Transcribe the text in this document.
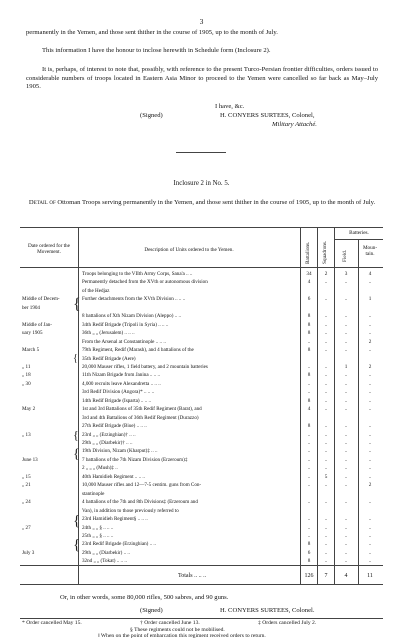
3
permanently in the Yemen, and those sent thither in the course of 1905, up to the month of July.
This information I have the honour to inclose herewith in Schedule form (Inclosure 2).
It is, perhaps, of interest to note that, possibly, with reference to the present Turco-Persian frontier difficulties, orders issued to considerable numbers of troops located in Eastern Asia Minor to proceed to the Yemen were cancelled so far back as May–July 1905.
I have, &c.
(Signed)	H. CONYERS SURTEES, Colonel,
Military Attaché.
Inclosure 2 in No. 5.
Detail of Ottoman Troops serving permanently in the Yemen, and those sent thither in the course of 1905, up to the month of July.
Date ordered for the Movement.	Description of Units ordered to the Yemen.	Battalions. Squadrons.
Batteries.
Field.
Moun-tain.
Troops belonging to the VIIth Army Corps, Sana'a .. ..	34	2	3	4
Permanently detached from the XVth or autonomous division	4	..	..	..
of the Hedjaz
Middle of Decem-	Further detachments from the XVth Division .. .. ..	6	..	..	1
ber 1904
8 battalions of Xth Nizam Division (Aleppo) .. ..	8	..	..	..
Middle of Jan-	34th Redif Brigade (Tripoli in Syria) .. .. ..	8	..	..	..
uary 1905	36th „ „ (Jerusalem) .. .. ..	8	..	..	..
From the Arsenal at Constantinople .. .. ..	..	..	..	2
March 5	79th Regiment, Redif (Marash), and 4 battalions of the	8	..	..	..
35th Redif Brigade (Aere)
„ 11	20,000 Mauser rifles, 1 field battery, and 2 mountain batteries	..	..	1	2
„ 18	11th Nizam Brigade from Janina .. .. ..	8	..	..	..
„ 30	4,000 recruits leave Alexandretta .. .. ..	..	..	..	..
3rd Redif Division (Angora)* .. .. ..	..	..	..	..
14th Redif Brigade (Isparta) .. .. ..	8	..	..	..
May 2	1st and 3rd Battalions of 35th Redif Regiment (Barat), and	4	..	..	..
3rd and 4th Battalions of 36th Redif Regiment (Durazzo)
27th Redif Brigade (Biue) .. .. ..	8	..	..	..
„ 13	23rd „ „ (Erzinghian)† .. ..	..	..	..	..
29th „ „ (Diarbekir)† .. ..	..	..	..	..
19th Division, Nizam (Kharput)‡ .. ..	..	..	..	..
June 13	7 battalions of the 7th Nizam Division (Erzeroum)‡	..	..	..	..
2 „ „ „ (Mush)‡ ..	..	..	..	..
„ 15	40th Hamidieh Regiment .. .. ..	..	5	..	..
„ 21	10,000 Mauser rifles and 12—7-5 centim. guns from Con-	..	..	..	2
stantinople
„ 24	4 battalions of the 7th and 8th Divisions‡ (Erzeroum and	..	..	..	..
Van), in addition to those previously referred to
23rd Hamidieh Regiment§ .. .. ..	..	..	..	..
„ 27	24th „ „ § .. .. ..	..	..	..	..
25th „ „ § .. .. ..	..	..	..	..
23rd Redif Brigade (Erzinghian) .. ..	8	..	..	..
July 3	29th „ „ (Diarbekir) .. ..	6	..	..	..
32nd „ „ (Tokat) .. .. ..	8	..	..	..
{
{
{
{
{
{
Totals .. .. ..	126	7	4	11
Or, in other words, some 80,000 rifles, 500 sabres, and 90 guns.
(Signed)	H. CONYERS SURTEES, Colonel.
* Order cancelled May 15.	† Order cancelled June 13.	‡ Orders cancelled July 2.
§ These regiments could not be mobilised.
‖ When on the point of embarcation this regiment received orders to return.
